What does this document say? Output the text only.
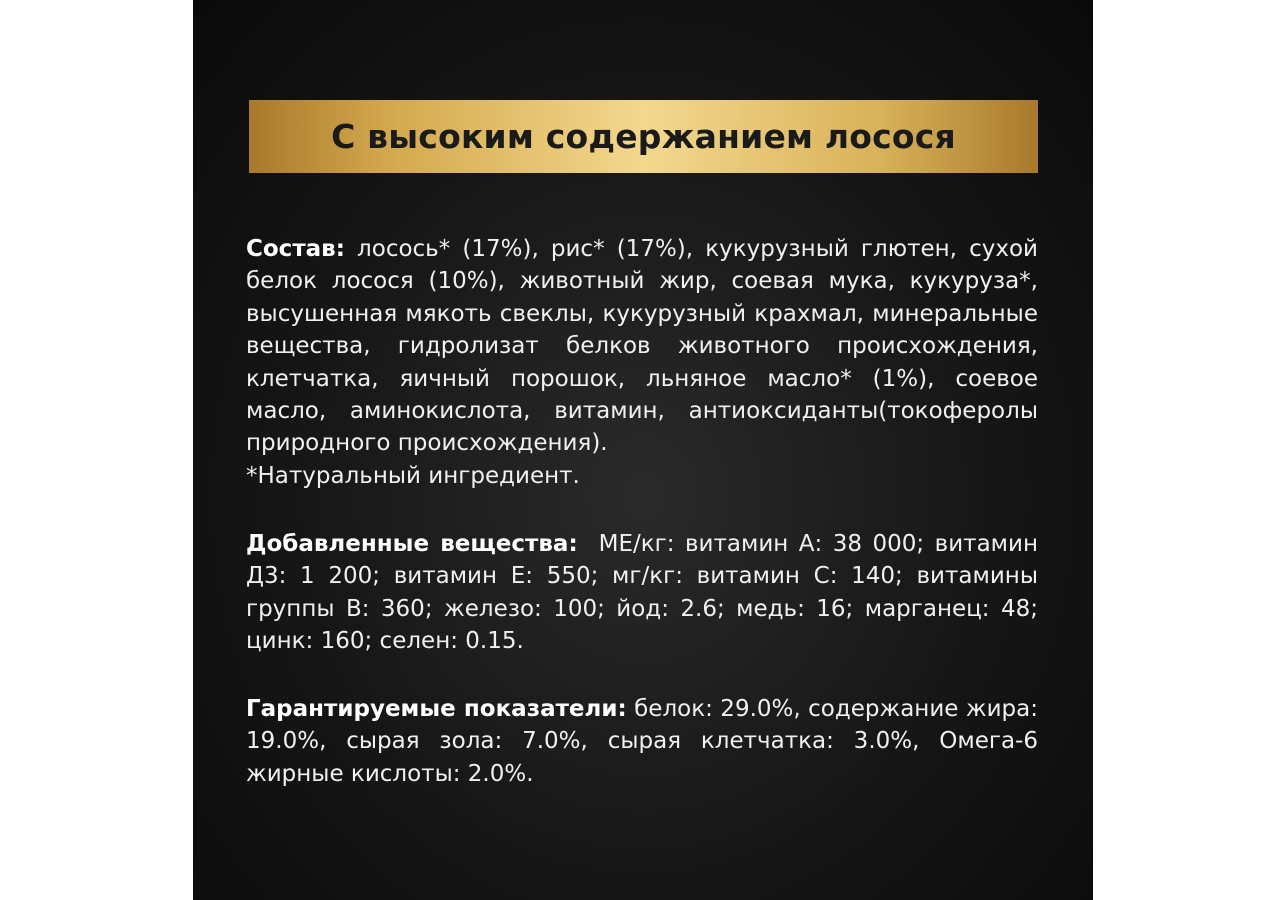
С высоким содержанием лосося
Состав: лосось* (17%), рис* (17%), кукурузный глютен, сухой белок лосося (10%), животный жир, соевая мука, кукуруза*, высушенная мякоть свеклы, кукурузный крахмал, минеральные вещества, гидролизат белков животного происхождения, клетчатка, яичный порошок, льняное масло* (1%), соевое масло, аминокислота, витамин, антиоксиданты(токоферолы природного происхождения).
*Натуральный ингредиент.
Добавленные вещества:  МЕ/кг: витамин А: 38 000; витамин Д3: 1 200; витамин Е: 550; мг/кг: витамин С: 140; витамины группы В: 360; железо: 100; йод: 2.6; медь: 16; марганец: 48; цинк: 160; селен: 0.15.
Гарантируемые показатели: белок: 29.0%, содержание жира: 19.0%, сырая зола: 7.0%, сырая клетчатка: 3.0%, Омега-6 жирные кислоты: 2.0%.
